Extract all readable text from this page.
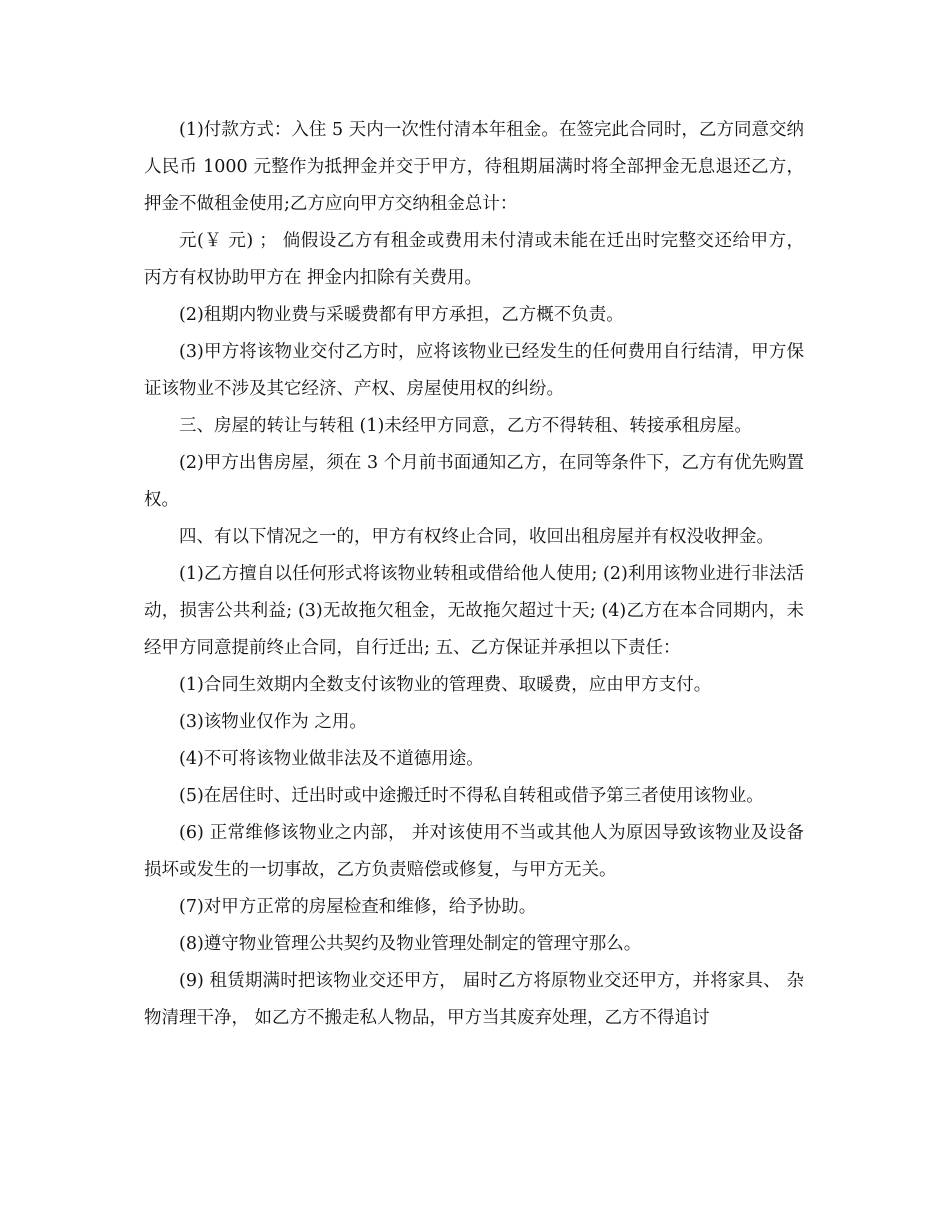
(1)付款方式：入住 5 天内一次性付清本年租金。在签完此合同时，乙方同意交纳人民币 1000 元整作为抵押金并交于甲方，待租期届满时将全部押金无息退还乙方，押金不做租金使用;乙方应向甲方交纳租金总计：

元(￥ 元) ； 倘假设乙方有租金或费用未付清或未能在迁出时完整交还给甲方，丙方有权协助甲方在 押金内扣除有关费用。

(2)租期内物业费与采暖费都有甲方承担，乙方概不负责。

(3)甲方将该物业交付乙方时，应将该物业已经发生的任何费用自行结清，甲方保证该物业不涉及其它经济、产权、房屋使用权的纠纷。

三、房屋的转让与转租 (1)未经甲方同意，乙方不得转租、转接承租房屋。

(2)甲方出售房屋，须在 3 个月前书面通知乙方，在同等条件下，乙方有优先购置权。

四、有以下情况之一的，甲方有权终止合同，收回出租房屋并有权没收押金。

(1)乙方擅自以任何形式将该物业转租或借给他人使用; (2)利用该物业进行非法活动，损害公共利益; (3)无故拖欠租金，无故拖欠超过十天; (4)乙方在本合同期内，未经甲方同意提前终止合同，自行迁出; 五、乙方保证并承担以下责任：

(1)合同生效期内全数支付该物业的管理费、取暖费，应由甲方支付。

(3)该物业仅作为 之用。

(4)不可将该物业做非法及不道德用途。

(5)在居住时、迁出时或中途搬迁时不得私自转租或借予第三者使用该物业。

(6) 正常维修该物业之内部， 并对该使用不当或其他人为原因导致该物业及设备损坏或发生的一切事故，乙方负责赔偿或修复，与甲方无关。

(7)对甲方正常的房屋检查和维修，给予协助。

(8)遵守物业管理公共契约及物业管理处制定的管理守那么。

(9) 租赁期满时把该物业交还甲方， 届时乙方将原物业交还甲方，并将家具、 杂物清理干净， 如乙方不搬走私人物品，甲方当其废弃处理，乙方不得追讨
